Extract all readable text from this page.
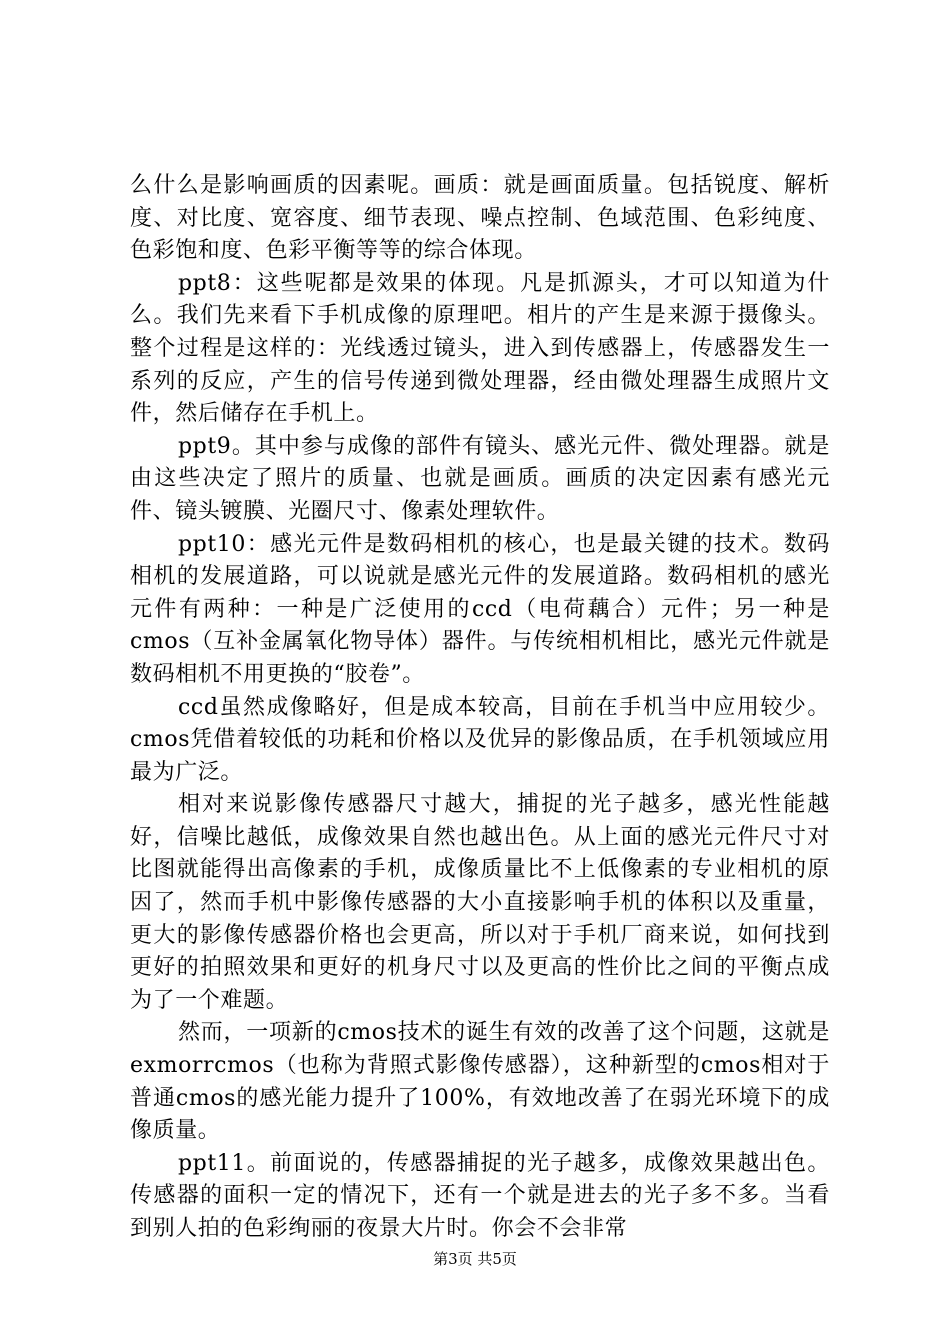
么什么是影响画质的因素呢。画质：就是画面质量。包括锐度、解析度、对比度、宽容度、细节表现、噪点控制、色域范围、色彩纯度、色彩饱和度、色彩平衡等等的综合体现。

ppt8：这些呢都是效果的体现。凡是抓源头，才可以知道为什么。我们先来看下手机成像的原理吧。相片的产生是来源于摄像头。整个过程是这样的：光线透过镜头，进入到传感器上，传感器发生一系列的反应，产生的信号传递到微处理器，经由微处理器生成照片文件，然后储存在手机上。

ppt9。其中参与成像的部件有镜头、感光元件、微处理器。就是由这些决定了照片的质量、也就是画质。画质的决定因素有感光元件、镜头镀膜、光圈尺寸、像素处理软件。

ppt10：感光元件是数码相机的核心，也是最关键的技术。数码相机的发展道路，可以说就是感光元件的发展道路。数码相机的感光元件有两种：一种是广泛使用的ccd（电荷藕合）元件；另一种是cmos（互补金属氧化物导体）器件。与传统相机相比，感光元件就是数码相机不用更换的“胶卷”。

ccd虽然成像略好，但是成本较高，目前在手机当中应用较少。cmos凭借着较低的功耗和价格以及优异的影像品质，在手机领域应用最为广泛。

相对来说影像传感器尺寸越大，捕捉的光子越多，感光性能越好，信噪比越低，成像效果自然也越出色。从上面的感光元件尺寸对比图就能得出高像素的手机，成像质量比不上低像素的专业相机的原因了，然而手机中影像传感器的大小直接影响手机的体积以及重量，更大的影像传感器价格也会更高，所以对于手机厂商来说，如何找到更好的拍照效果和更好的机身尺寸以及更高的性价比之间的平衡点成为了一个难题。

然而，一项新的cmos技术的诞生有效的改善了这个问题，这就是exmorrcmos（也称为背照式影像传感器），这种新型的cmos相对于普通cmos的感光能力提升了100%，有效地改善了在弱光环境下的成像质量。

ppt11。前面说的，传感器捕捉的光子越多，成像效果越出色。传感器的面积一定的情况下，还有一个就是进去的光子多不多。当看到别人拍的色彩绚丽的夜景大片时。你会不会非常

第3页 共5页
